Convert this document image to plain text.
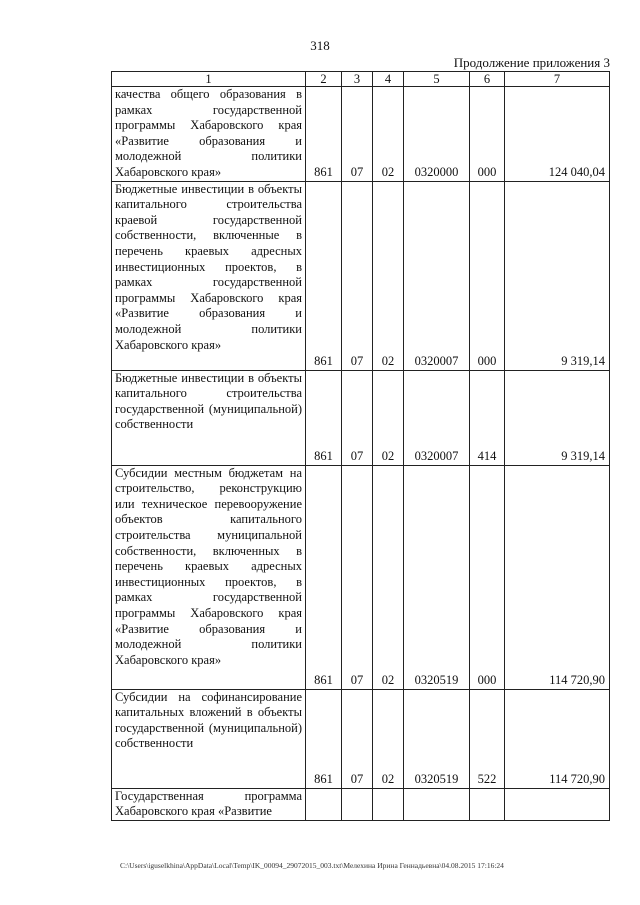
318
Продолжение приложения 3
1	2	3	4	5	6	7
качества общего образования в рамках государственной программы Хабаровского края «Развитие образования и молодежной политики Хабаровского края»	861	07	02	0320000	000	124 040,04
Бюджетные инвестиции в объекты капитального строительства краевой государственной собственности, включенные в перечень краевых адресных инвестиционных проектов, в рамках государственной программы Хабаровского края «Развитие образования и молодежной политики Хабаровского края»	861	07	02	0320007	000	9 319,14
Бюджетные инвестиции в объекты капитального строительства государственной (муниципальной) собственности	861	07	02	0320007	414	9 319,14
Субсидии местным бюджетам на строительство, реконструкцию или техническое перевооружение объектов капитального строительства муниципальной собственности, включенных в перечень краевых адресных инвестиционных проектов, в рамках государственной программы Хабаровского края «Развитие образования и молодежной политики Хабаровского края»	861	07	02	0320519	000	114 720,90
Субсидии на софинансирование капитальных вложений в объекты государственной (муниципальной) собственности	861	07	02	0320519	522	114 720,90
Государственная программа Хабаровского края «Развитие						
C:\Users\iguselkhina\AppData\Local\Temp\IK_00094_29072015_003.txt\Мелехина Ирина Геннадьевна\04.08.2015 17:16:24
